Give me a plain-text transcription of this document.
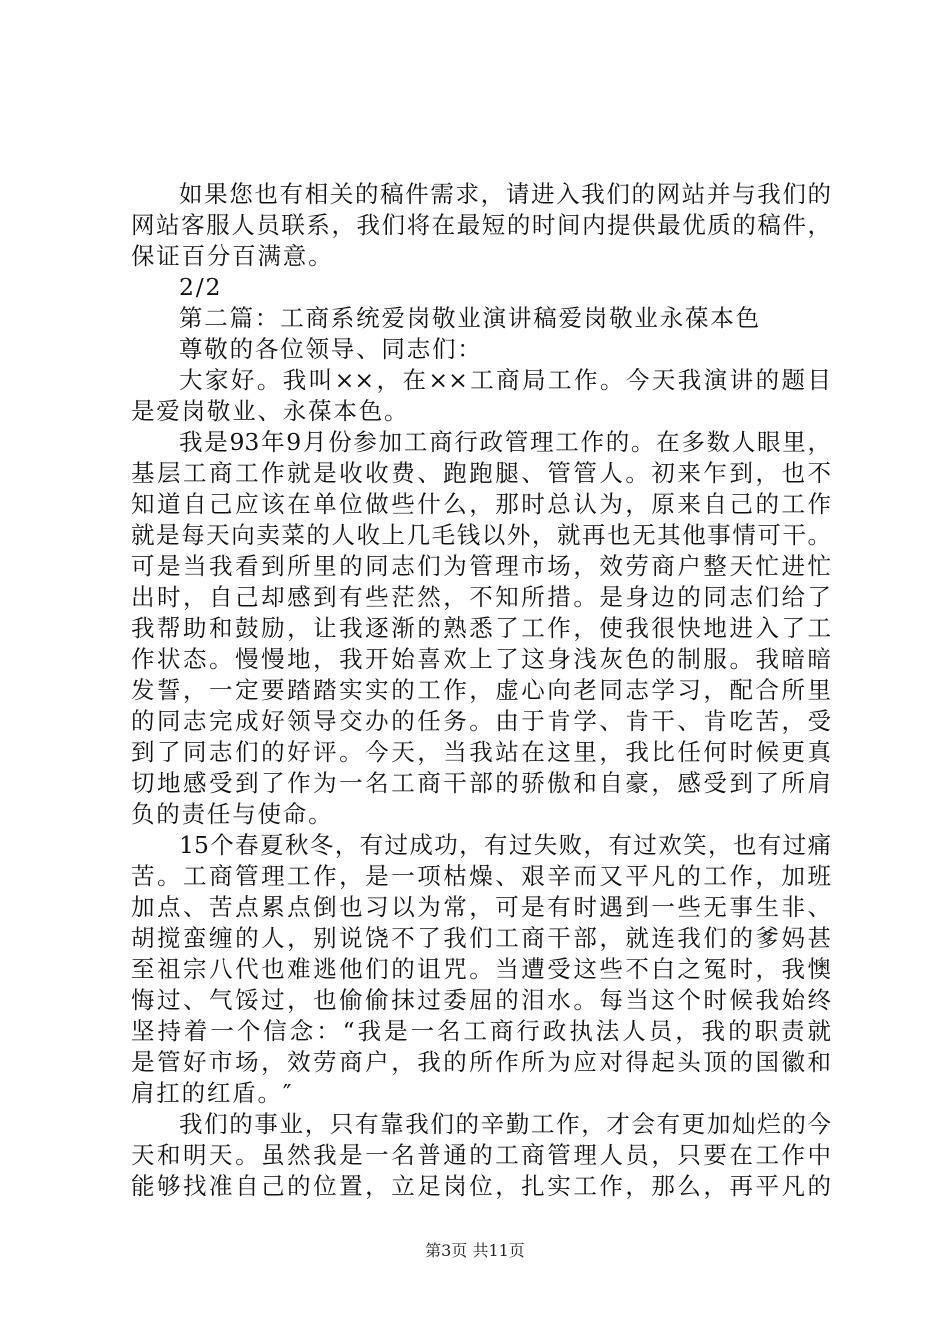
如果您也有相关的稿件需求，请进入我们的网站并与我们的
网站客服人员联系，我们将在最短的时间内提供最优质的稿件，
保证百分百满意。
2/2
第二篇：工商系统爱岗敬业演讲稿爱岗敬业永葆本色
尊敬的各位领导、同志们：
大家好。我叫××，在××工商局工作。今天我演讲的题目
是爱岗敬业、永葆本色。
我是93年9月份参加工商行政管理工作的。在多数人眼里，
基层工商工作就是收收费、跑跑腿、管管人。初来乍到，也不
知道自己应该在单位做些什么，那时总认为，原来自己的工作
就是每天向卖菜的人收上几毛钱以外，就再也无其他事情可干。
可是当我看到所里的同志们为管理市场，效劳商户整天忙进忙
出时，自己却感到有些茫然，不知所措。是身边的同志们给了
我帮助和鼓励，让我逐渐的熟悉了工作，使我很快地进入了工
作状态。慢慢地，我开始喜欢上了这身浅灰色的制服。我暗暗
发誓，一定要踏踏实实的工作，虚心向老同志学习，配合所里
的同志完成好领导交办的任务。由于肯学、肯干、肯吃苦，受
到了同志们的好评。今天，当我站在这里，我比任何时候更真
切地感受到了作为一名工商干部的骄傲和自豪，感受到了所肩
负的责任与使命。
15个春夏秋冬，有过成功，有过失败，有过欢笑，也有过痛
苦。工商管理工作，是一项枯燥、艰辛而又平凡的工作，加班
加点、苦点累点倒也习以为常，可是有时遇到一些无事生非、
胡搅蛮缠的人，别说饶不了我们工商干部，就连我们的爹妈甚
至祖宗八代也难逃他们的诅咒。当遭受这些不白之冤时，我懊
悔过、气馁过，也偷偷抹过委屈的泪水。每当这个时候我始终
坚持着一个信念：“我是一名工商行政执法人员，我的职责就
是管好市场，效劳商户，我的所作所为应对得起头顶的国徽和
肩扛的红盾。″
我们的事业，只有靠我们的辛勤工作，才会有更加灿烂的今
天和明天。虽然我是一名普通的工商管理人员，只要在工作中
能够找准自己的位置，立足岗位，扎实工作，那么，再平凡的
第3页 共11页
